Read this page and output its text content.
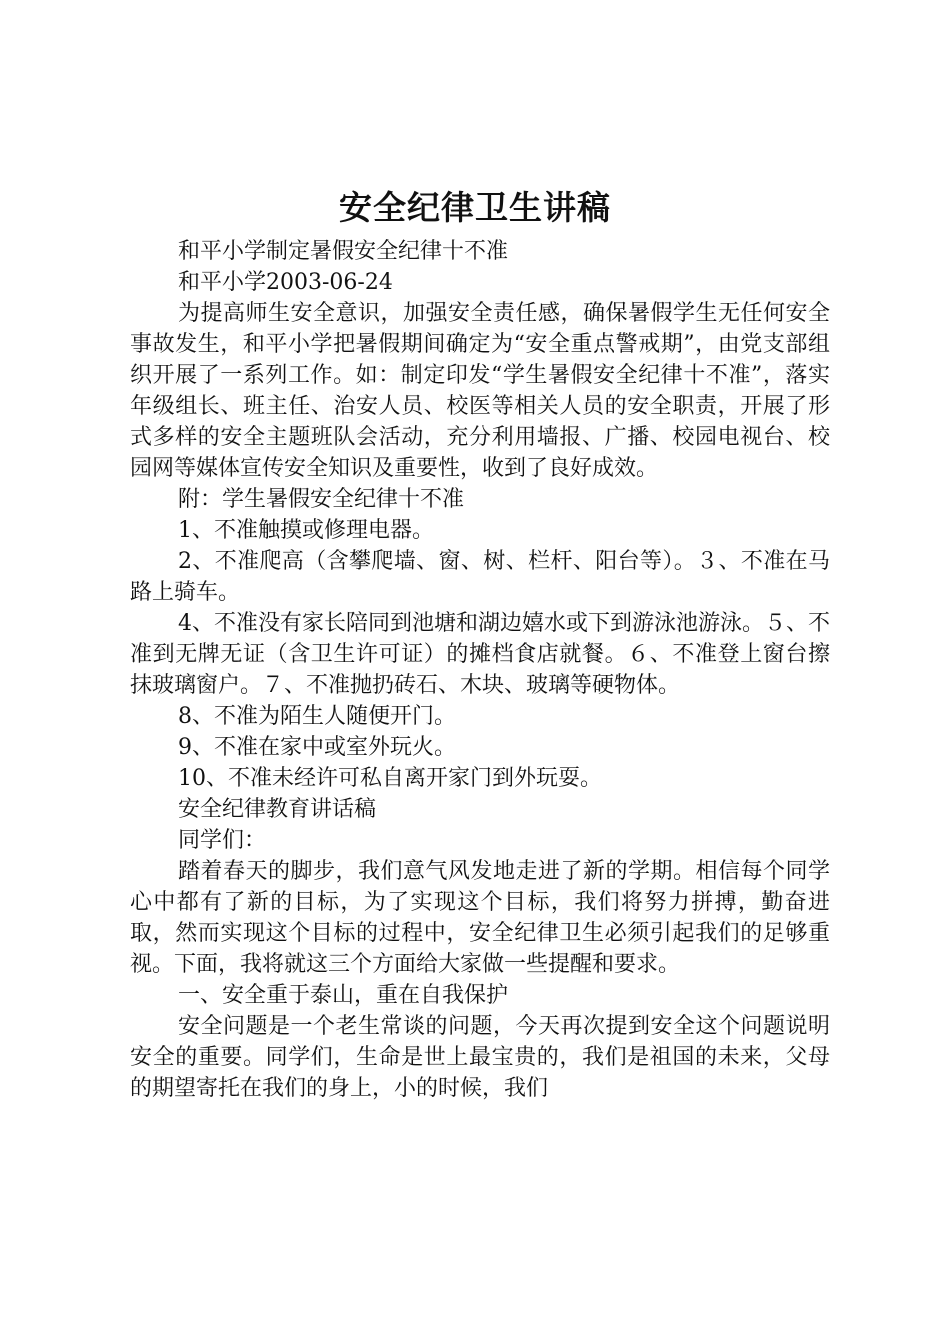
安全纪律卫生讲稿

和平小学制定暑假安全纪律十不准

和平小学2003-06-24

为提高师生安全意识，加强安全责任感，确保暑假学生无任何安全事故发生，和平小学把暑假期间确定为“安全重点警戒期”，由党支部组织开展了一系列工作。如：制定印发“学生暑假安全纪律十不准”，落实年级组长、班主任、治安人员、校医等相关人员的安全职责，开展了形式多样的安全主题班队会活动，充分利用墙报、广播、校园电视台、校园网等媒体宣传安全知识及重要性，收到了良好成效。

附：学生暑假安全纪律十不准

1、不准触摸或修理电器。

2、不准爬高（含攀爬墙、窗、树、栏杆、阳台等）。３、不准在马路上骑车。

4、不准没有家长陪同到池塘和湖边嬉水或下到游泳池游泳。５、不准到无牌无证（含卫生许可证）的摊档食店就餐。６、不准登上窗台擦抹玻璃窗户。７、不准抛扔砖石、木块、玻璃等硬物体。

8、不准为陌生人随便开门。

9、不准在家中或室外玩火。

10、不准未经许可私自离开家门到外玩耍。

安全纪律教育讲话稿

同学们：

踏着春天的脚步，我们意气风发地走进了新的学期。相信每个同学心中都有了新的目标，为了实现这个目标，我们将努力拼搏，勤奋进取，然而实现这个目标的过程中，安全纪律卫生必须引起我们的足够重视。下面，我将就这三个方面给大家做一些提醒和要求。

一、安全重于泰山，重在自我保护

安全问题是一个老生常谈的问题，今天再次提到安全这个问题说明安全的重要。同学们，生命是世上最宝贵的，我们是祖国的未来，父母的期望寄托在我们的身上，小的时候，我们
